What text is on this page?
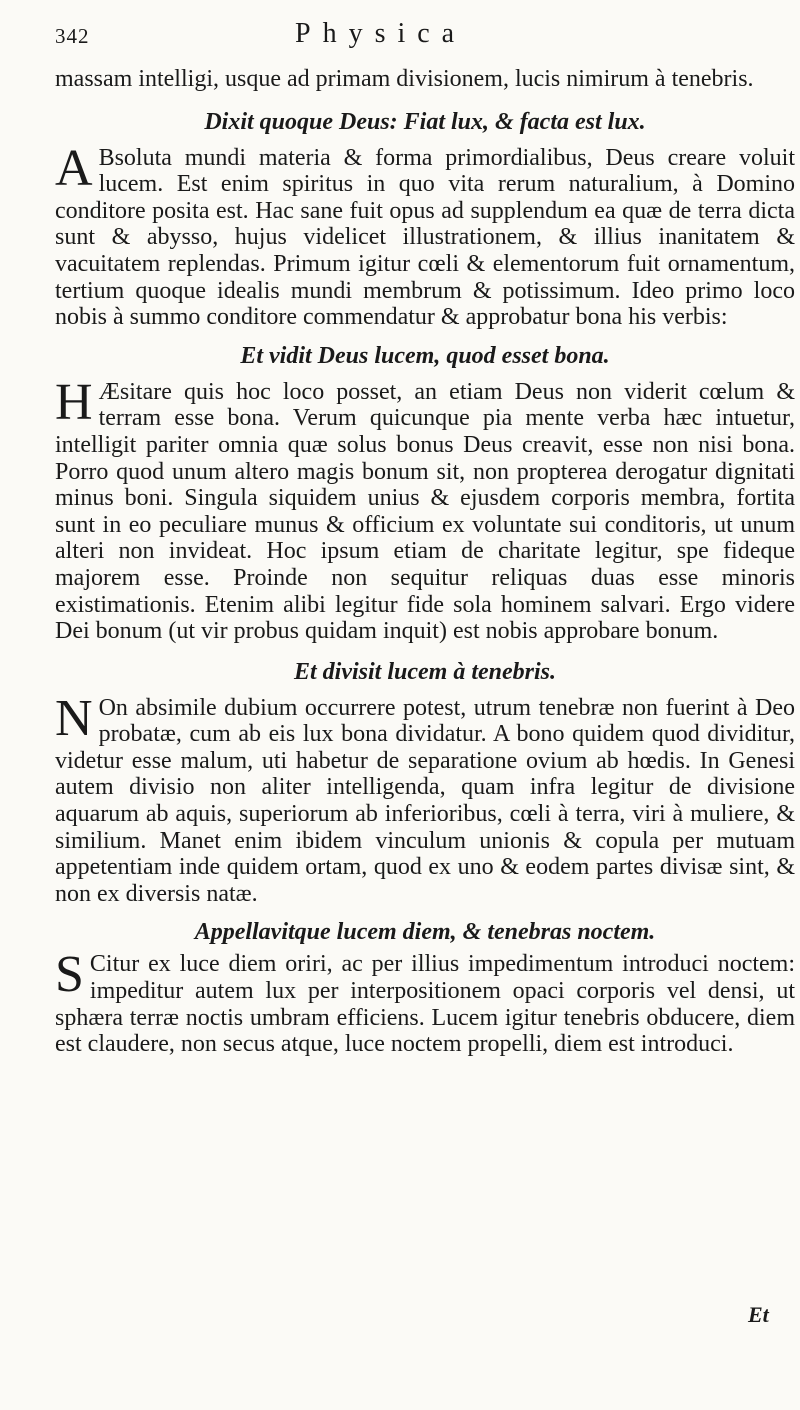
342	Physica

massam intelligi, usque ad primam divisionem, lucis nimirum à tenebris.

Dixit quoque Deus: Fiat lux, & facta est lux.

A Bsoluta mundi materia & forma primordialibus, Deus creare voluit lucem. Est enim spiritus in quo vita rerum naturalium, à Domino conditore posita est. Hac sane fuit opus ad supplendum ea quæ de terra dicta sunt & abysso, hujus videlicet illustrationem, & illius inanitatem & vacuitatem replendas. Primum igitur cœli & elementorum fuit ornamentum, tertium quoque idealis mundi membrum & potissimum. Ideo primo loco nobis à summo conditore commendatur & approbatur bona his verbis:

Et vidit Deus lucem, quod esset bona.

H Æsitare quis hoc loco posset, an etiam Deus non viderit cœlum & terram esse bona. Verum quicunque pia mente verba hæc intuetur, intelligit pariter omnia quæ solus bonus Deus creavit, esse non nisi bona. Porro quod unum altero magis bonum sit, non propterea derogatur dignitati minus boni. Singula siquidem unius & ejusdem corporis membra, fortita sunt in eo peculiare munus & officium ex voluntate sui conditoris, ut unum alteri non invideat. Hoc ipsum etiam de charitate legitur, spe fideque majorem esse. Proinde non sequitur reliquas duas esse minoris existimationis. Etenim alibi legitur fide sola hominem salvari. Ergo videre Dei bonum (ut vir probus quidam inquit) est nobis approbare bonum.

Et divisit lucem à tenebris.

N On absimile dubium occurrere potest, utrum tenebræ non fuerint à Deo probatæ, cum ab eis lux bona dividatur. A bono quidem quod dividitur, videtur esse malum, uti habetur de separatione ovium ab hœdis. In Genesi autem divisio non aliter intelligenda, quam infra legitur de divisione aquarum ab aquis, superiorum ab inferioribus, cœli à terra, viri à muliere, & similium. Manet enim ibidem vinculum unionis & copula per mutuam appetentiam inde quidem ortam, quod ex uno & eodem partes divisæ sint, & non ex diversis natæ.

Appellavitque lucem diem, & tenebras noctem.

S Citur ex luce diem oriri, ac per illius impedimentum introduci noctem: impeditur autem lux per interpositionem opaci corporis vel densi, ut sphæra terræ noctis umbram efficiens. Lucem igitur tenebris obducere, diem est claudere, non secus atque, luce noctem propelli, diem est introduci.

Et
